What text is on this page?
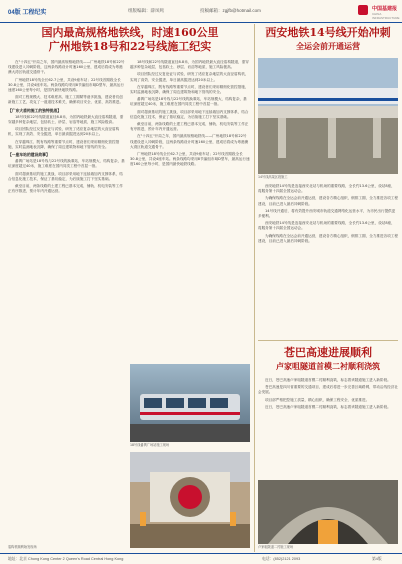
04版 工程纪实	组版编辑：薛凤鸣	投稿邮箱：zgjfb@hotmail.com	中国基建报
CHINA INFRASTRUCTURE
国内最高规格地铁线，时速160公里
广州地铁18号和22号线施工纪实

在"十四五"开局之年，国内最高规格地铁线——广州地铁18号和22号线建设进入冲刺阶段，这两条线路设计时速160公里，建成后将成为粤港澳大湾区轨道交通骨干。

广州地铁18号线全长62.7公里，共设9座车站；22号线首期段全长30.8公里，共设4座车站。两条线路均采用8节编组市域D型车，最高运行速度160公里每小时，是国内最快地铁线路。

面对工程规模大、技术难度高、施工工期紧等诸多挑战，建设者们创新施工工艺，攻克了一道道技术难关，确保项目安全、优质、高效推进。

【广东大盾构施工的独特挑战】

18号线和22号线隧道直径8.8米，为国内地铁最大直径盾构隧道，需穿越多种复杂地层，包括软土、砂层、岩溶等地质，施工风险极高。

项目团队经过反复论证与试验，研发了适应复杂地层的大直径盾构机，实现了高效、安全掘进，单日最高掘进达到20米以上。

在穿越珠江、既有线路等重要节点时，建设者们采用精细化管控措施，实时监测地表沉降，确保了周边建筑物和地下管线的安全。

【一座车站的建设故事】

番禺广场站是18号线与22号线的换乘站，车站规模大、结构复杂，基坑深度超过40米，施工难度在国内同类工程中首屈一指。

面对超深基坑的施工挑战，项目部采用地下连续墙加内支撑体系，结合信息化施工技术，保证了基坑稳定，为后续施工打下坚实基础。

截至目前，两条线路的土建工程已基本完成，铺轨、机电安装等工作正有序推进，预计年内开通运营。

18号线和22号线隧道直径8.8米，为国内地铁最大直径盾构隧道，需穿越多种复杂地层，包括软土、砂层、岩溶等地质，施工风险极高。

项目团队经过反复论证与试验，研发了适应复杂地层的大直径盾构机，实现了高效、安全掘进，单日最高掘进达到20米以上。

在穿越珠江、既有线路等重要节点时，建设者们采用精细化管控措施，实时监测地表沉降，确保了周边建筑物和地下管线的安全。

番禺广场站是18号线与22号线的换乘站，车站规模大、结构复杂，基坑深度超过40米，施工难度在国内同类工程中首屈一指。

面对超深基坑的施工挑战，项目部采用地下连续墙加内支撑体系，结合信息化施工技术，保证了基坑稳定，为后续施工打下坚实基础。

截至目前，两条线路的土建工程已基本完成，铺轨、机电安装等工作正有序推进，预计年内开通运营。

在"十四五"开局之年，国内最高规格地铁线——广州地铁18号和22号线建设进入冲刺阶段，这两条线路设计时速160公里，建成后将成为粤港澳大湾区轨道交通骨干。

广州地铁18号线全长62.7公里，共设9座车站；22号线首期段全长30.8公里，共设4座车站。两条线路均采用8节编组市域D型车，最高运行速度160公里每小时，是国内最快地铁线路。

18号线番禺广场站施工现场
盾构机顺利始发现场
西安地铁14号线开始冲刺
全运会前开通运营
14号线高架区段施工

西安地铁14号线是连接西安北站与机场的重要线路，全长约13.6公里，设站8座，将服务第十四届全国运动会。

为确保线路在全运会前开通运营，建设各方精心组织，倒排工期，全力推进各项工程建设，目前已进入最后冲刺阶段。

14号线开通后，将有效提升西安城市轨道交通网络化运营水平，为市民出行提供更多便利。

西安地铁14号线是连接西安北站与机场的重要线路，全长约13.6公里，设站8座，将服务第十四届全国运动会。

为确保线路在全运会前开通运营，建设各方精心组织，倒排工期，全力推进各项工程建设，目前已进入最后冲刺阶段。

苍巴高速进展顺利
卢家咀隧道首模二衬顺利浇筑

近日，苍巴高速卢家咀隧道首模二衬顺利浇筑，标志着该隧道施工进入新阶段。

苍巴高速是四川省重要的交通项目，建成后将进一步完善区域路网，带动沿线经济社会发展。

项目部严格把控施工质量，精心组织，确保工程安全、优质推进。

近日，苍巴高速卢家咀隧道首模二衬顺利浇筑，标志着该隧道施工进入新阶段。

卢家咀隧道二衬施工现场
地址：北京 Chong Kong Center 2 Queen's Road Central Hong Kong	电话：(852)2121 2093	第4版
